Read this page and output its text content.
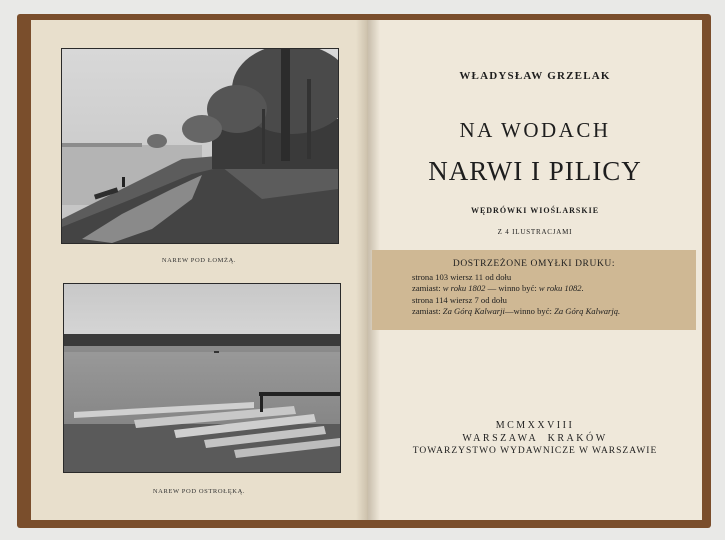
NAREW POD ŁOMŻĄ.
NAREW POD OSTROŁĘKĄ.
WŁADYSŁAW GRZELAK
NA WODACH
NARWI I PILICY
WĘDRÓWKI WIOŚLARSKIE
Z 4 ILUSTRACJAMI
DOSTRZEŻONE OMYŁKI DRUKU:
strona 103 wiersz 11 od dołu
zamiast: w roku 1802 — winno być: w roku 1082.
strona 114 wiersz 7 od dołu
zamiast: Za Górą Kalwarji—winno być: Za Górą Kalwarją.
MCMXXVIII
WARSZAWA  KRAKÓW
TOWARZYSTWO WYDAWNICZE W WARSZAWIE
